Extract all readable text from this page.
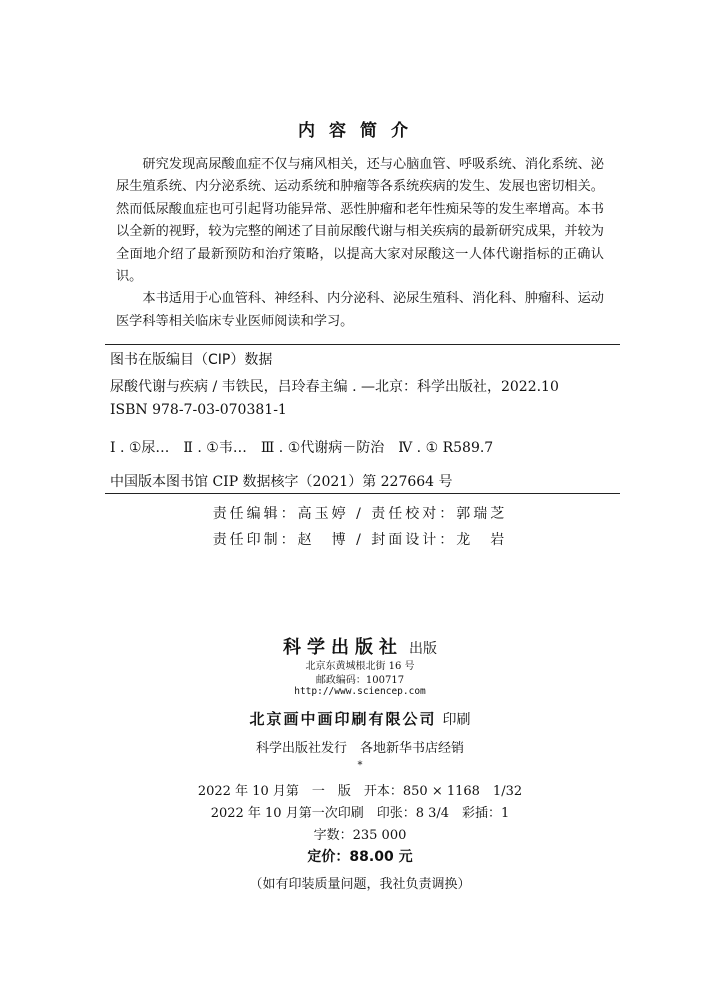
内容简介

研究发现高尿酸血症不仅与痛风相关，还与心脑血管、呼吸系统、消化系统、泌尿生殖系统、内分泌系统、运动系统和肿瘤等各系统疾病的发生、发展也密切相关。然而低尿酸血症也可引起肾功能异常、恶性肿瘤和老年性痴呆等的发生率增高。本书以全新的视野，较为完整的阐述了目前尿酸代谢与相关疾病的最新研究成果，并较为全面地介绍了最新预防和治疗策略，以提高大家对尿酸这一人体代谢指标的正确认识。

本书适用于心血管科、神经科、内分泌科、泌尿生殖科、消化科、肿瘤科、运动医学科等相关临床专业医师阅读和学习。

图书在版编目（CIP）数据
尿酸代谢与疾病 / 韦铁民，吕玲春主编 . —北京：科学出版社，2022.10
ISBN 978-7-03-070381-1
Ⅰ . ①尿…　Ⅱ . ①韦…　Ⅲ . ①代谢病－防治　Ⅳ . ① R589.7
中国版本图书馆 CIP 数据核字（2021）第 227664 号
责任编辑：高玉婷 / 责任校对：郭瑞芝
责任印制：赵　博 / 封面设计：龙　岩
科学出版社 出版
北京东黄城根北街 16 号
邮政编码：100717
http://www.sciencep.com
北京画中画印刷有限公司 印刷
科学出版社发行　各地新华书店经销
*
2022 年 10 月第　一　版　开本：850 × 1168　1/32
2022 年 10 月第一次印刷　印张：8 3/4　彩插：1
字数：235 000
定价：88.00 元
（如有印装质量问题，我社负责调换）
